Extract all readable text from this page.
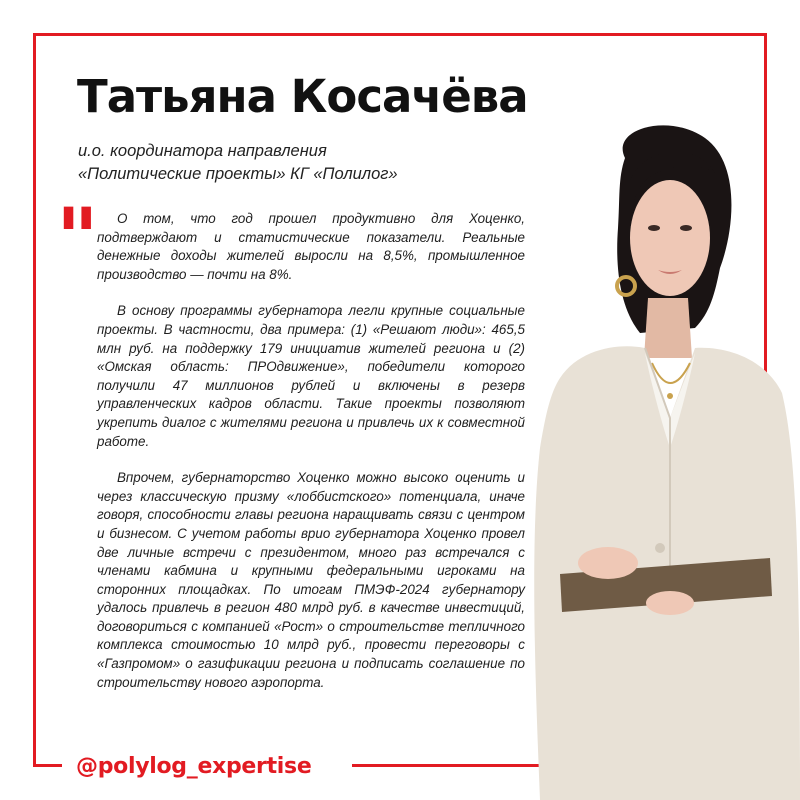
Татьяна Косачёва
и.о. координатора направления
«Политические проекты» КГ «Полилог»
"	О том, что год прошел продуктивно для Хоценко, подтверждают и статистические показатели. Реальные денежные доходы жителей выросли на 8,5%, промышленное производство — почти на 8%.

В основу программы губернатора легли крупные социальные проекты. В частности, два примера: (1) «Решают люди»: 465,5 млн руб. на поддержку 179 инициатив жителей региона и (2) «Омская область: ПРОдвижение», победители которого получили 47 миллионов рублей и включены в резерв управленческих кадров области. Такие проекты позволяют укрепить диалог с жителями региона и привлечь их к совместной работе.

Впрочем, губернаторство Хоценко можно высоко оценить и через классическую призму «лоббистского» потенциала, иначе говоря, способности главы региона наращивать связи с центром и бизнесом. С учетом работы врио губернатора Хоценко провел две личные встречи с президентом, много раз встречался с членами кабмина и крупными федеральными игроками на сторонних площадках. По итогам ПМЭФ-2024 губернатору удалось привлечь в регион 480 млрд руб. в качестве инвестиций, договориться с компанией «Рост» о строительстве тепличного комплекса стоимостью 10 млрд руб., провести переговоры с «Газпромом» о газификации региона и подписать соглашение по строительству нового аэропорта.

@polylog_expertise
